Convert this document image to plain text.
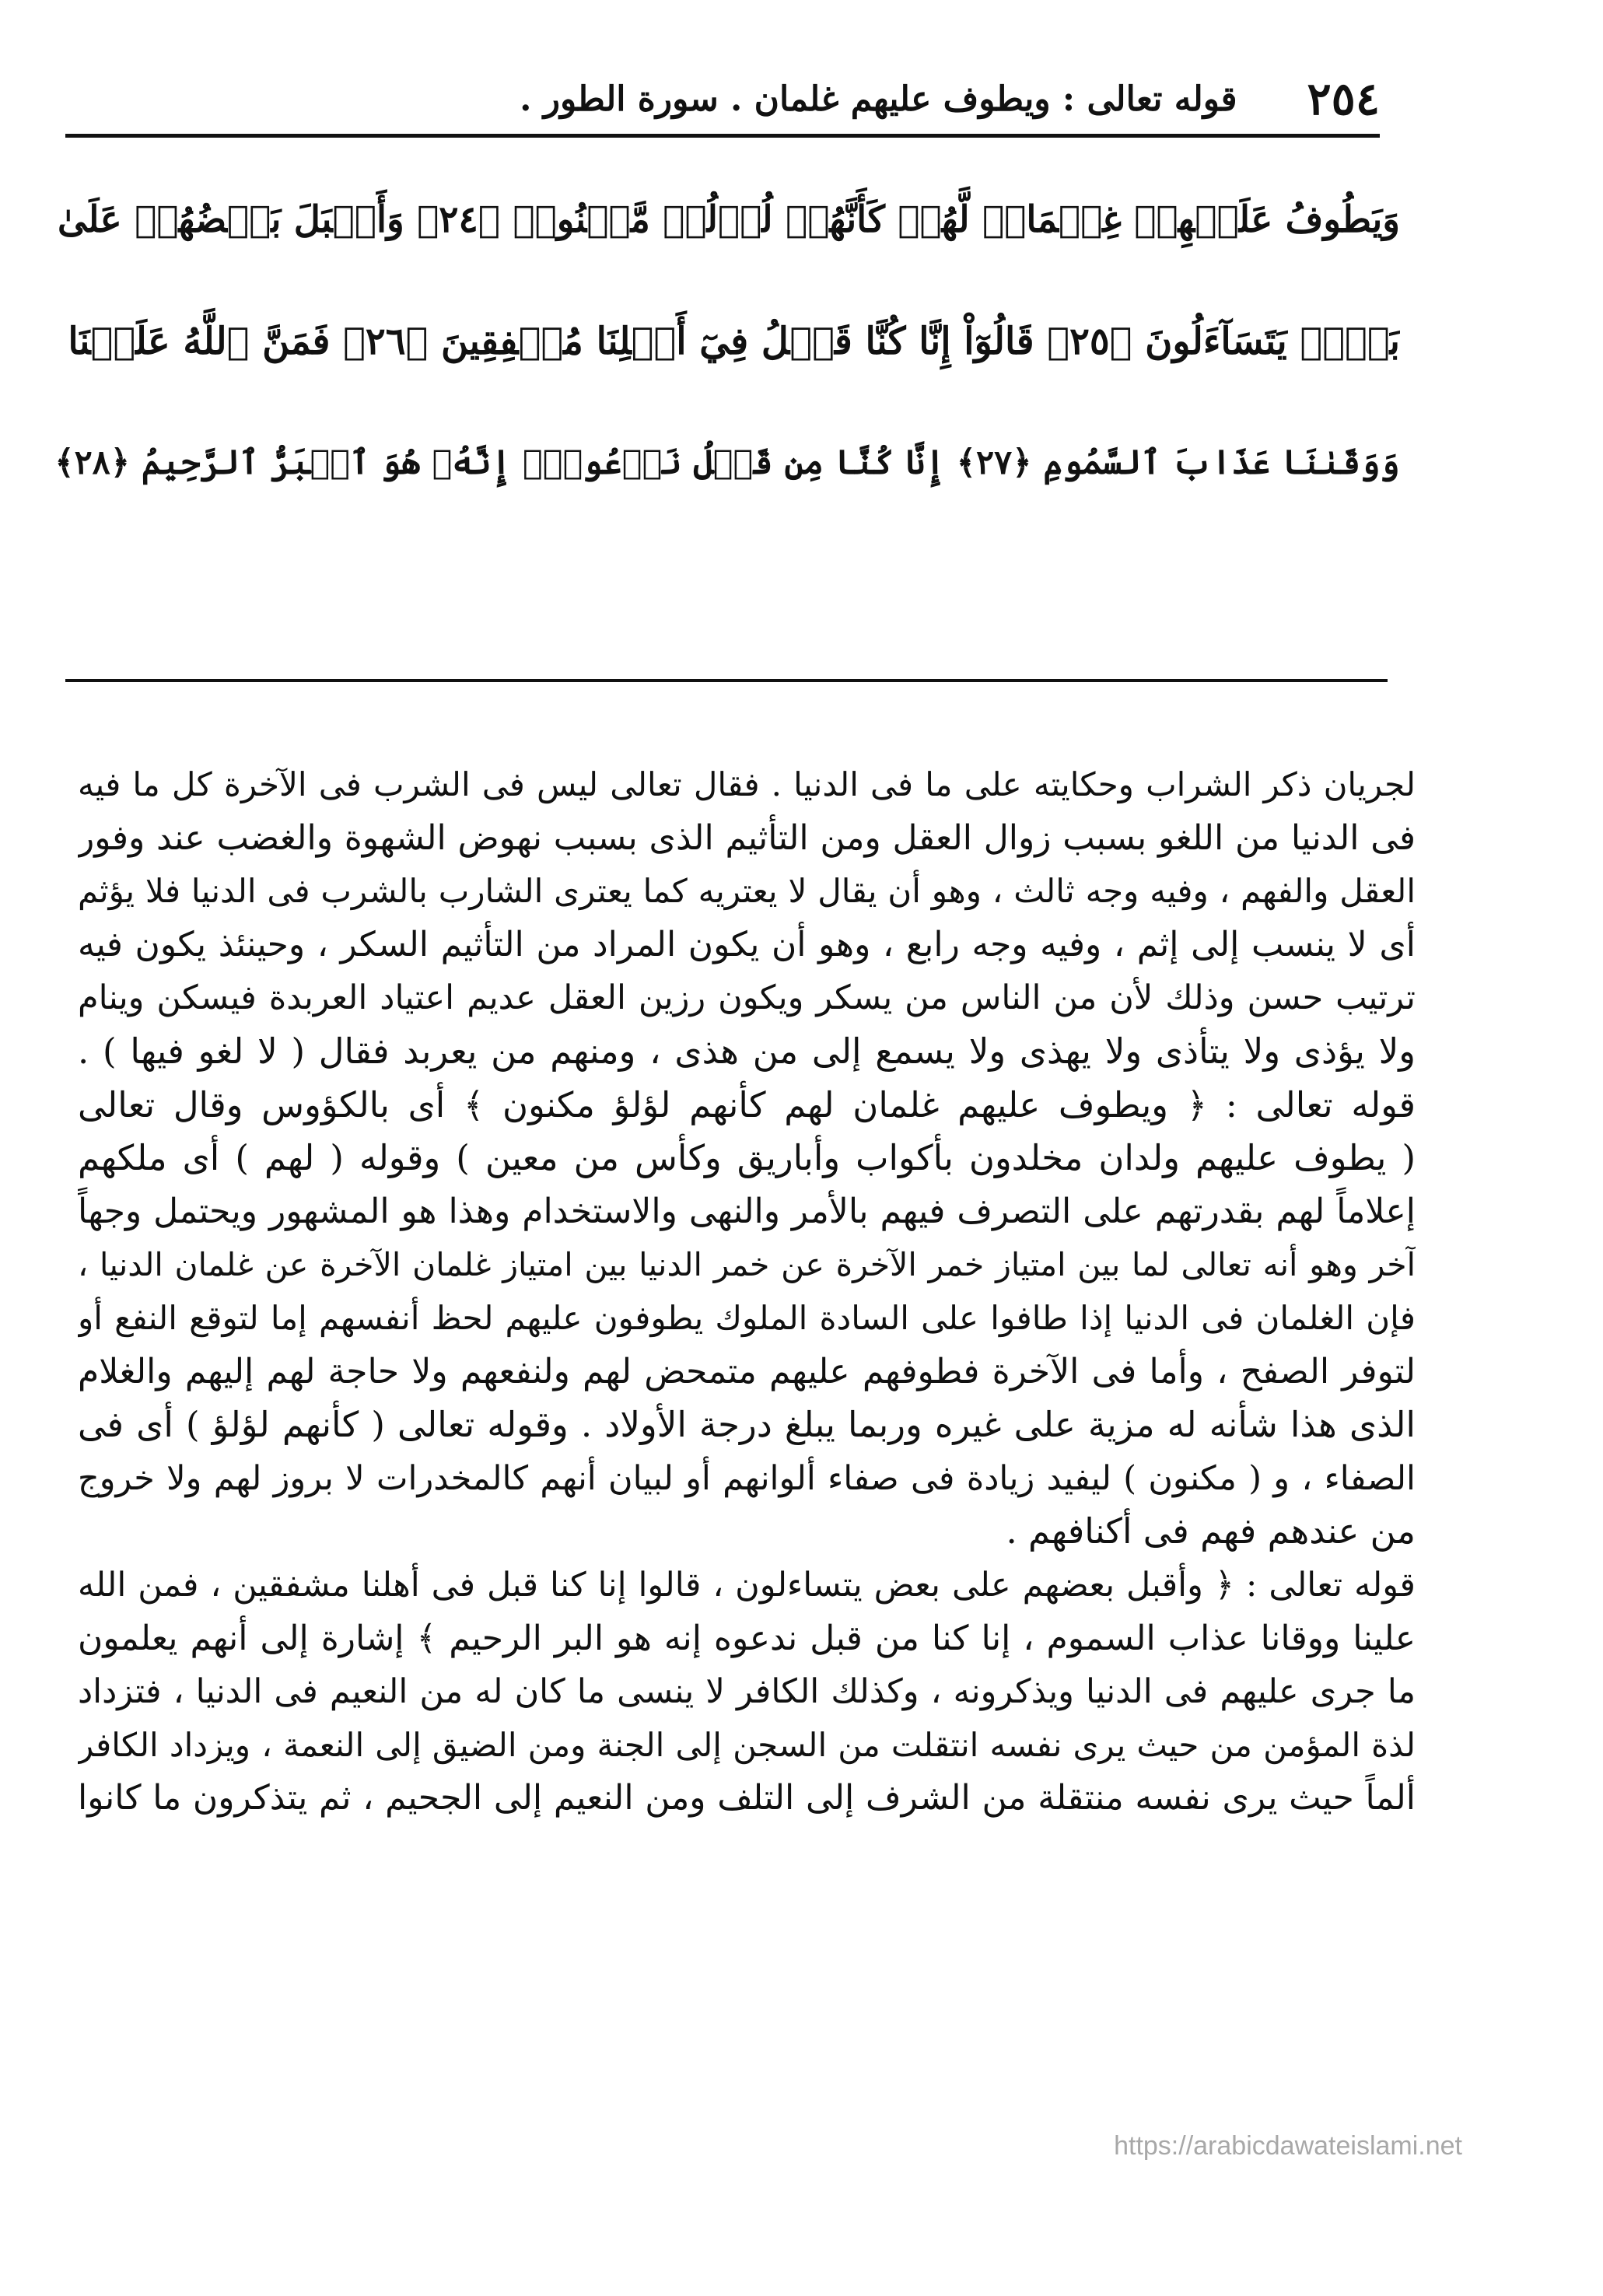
٢٥٤
قوله تعالى : ويطوف عليهم غلمان . سورة الطور .
وَيَطُوفُ عَلَيۡهِمۡ غِلۡمَانٞ لَّهُمۡ كَأَنَّهُمۡ لُؤۡلُؤٞ مَّكۡنُونٞ ﴿٢٤﴾ وَأَقۡبَلَ بَعۡضُهُمۡ عَلَىٰ
بَعۡضٖ يَتَسَآءَلُونَ ﴿٢٥﴾ قَالُوٓاْ إِنَّا كُنَّا قَبۡلُ فِيٓ أَهۡلِنَا مُشۡفِقِينَ ﴿٢٦﴾ فَمَنَّ ٱللَّهُ عَلَيۡنَا
وَوَقَىٰنَا عَذَابَ ٱلسَّمُومِ ﴿٢٧﴾ إِنَّا كُنَّا مِن قَبۡلُ نَدۡعُوهُۖ إِنَّهُۥ هُوَ ٱلۡبَرُّ ٱلرَّحِيمُ ﴿٢٨﴾
لجريان ذكر الشراب وحكايته على ما فى الدنيا . فقال تعالى ليس فى الشرب فى الآخرة كل ما فيه
فى الدنيا من اللغو بسبب زوال العقل ومن التأثيم الذى بسبب نهوض الشهوة والغضب عند وفور
العقل والفهم ، وفيه وجه ثالث ، وهو أن يقال لا يعتريه كما يعترى الشارب بالشرب فى الدنيا فلا يؤثم
أى لا ينسب إلى إثم ، وفيه وجه رابع ، وهو أن يكون المراد من التأثيم السكر ، وحينئذ يكون فيه
ترتيب حسن وذلك لأن من الناس من يسكر ويكون رزين العقل عديم اعتياد العربدة فيسكن وينام
ولا يؤذى ولا يتأذى ولا يهذى ولا يسمع إلى من هذى ، ومنهم من يعربد فقال ( لا لغو فيها ) .
قوله تعالى : ﴿ ويطوف عليهم غلمان لهم كأنهم لؤلؤ مكنون ﴾ أى بالكؤوس وقال تعالى
( يطوف عليهم ولدان مخلدون بأكواب وأباريق وكأس من معين ) وقوله ( لهم ) أى ملكهم
إعلاماً لهم بقدرتهم على التصرف فيهم بالأمر والنهى والاستخدام وهذا هو المشهور ويحتمل وجهاً
آخر وهو أنه تعالى لما بين امتياز خمر الآخرة عن خمر الدنيا بين امتياز غلمان الآخرة عن غلمان الدنيا ،
فإن الغلمان فى الدنيا إذا طافوا على السادة الملوك يطوفون عليهم لحظ أنفسهم إما لتوقع النفع أو
لتوفر الصفح ، وأما فى الآخرة فطوفهم عليهم متمحض لهم ولنفعهم ولا حاجة لهم إليهم والغلام
الذى هذا شأنه له مزية على غيره وربما يبلغ درجة الأولاد . وقوله تعالى ( كأنهم لؤلؤ ) أى فى
الصفاء ، و ( مكنون ) ليفيد زيادة فى صفاء ألوانهم أو لبيان أنهم كالمخدرات لا بروز لهم ولا خروج
من عندهم فهم فى أكنافهم .
قوله تعالى : ﴿ وأقبل بعضهم على بعض يتساءلون ، قالوا إنا كنا قبل فى أهلنا مشفقين ، فمن الله
علينا ووقانا عذاب السموم ، إنا كنا من قبل ندعوه إنه هو البر الرحيم ﴾ إشارة إلى أنهم يعلمون
ما جرى عليهم فى الدنيا ويذكرونه ، وكذلك الكافر لا ينسى ما كان له من النعيم فى الدنيا ، فتزداد
لذة المؤمن من حيث يرى نفسه انتقلت من السجن إلى الجنة ومن الضيق إلى النعمة ، ويزداد الكافر
ألماً حيث يرى نفسه منتقلة من الشرف إلى التلف ومن النعيم إلى الجحيم ، ثم يتذكرون ما كانوا
https://arabicdawateislami.net
